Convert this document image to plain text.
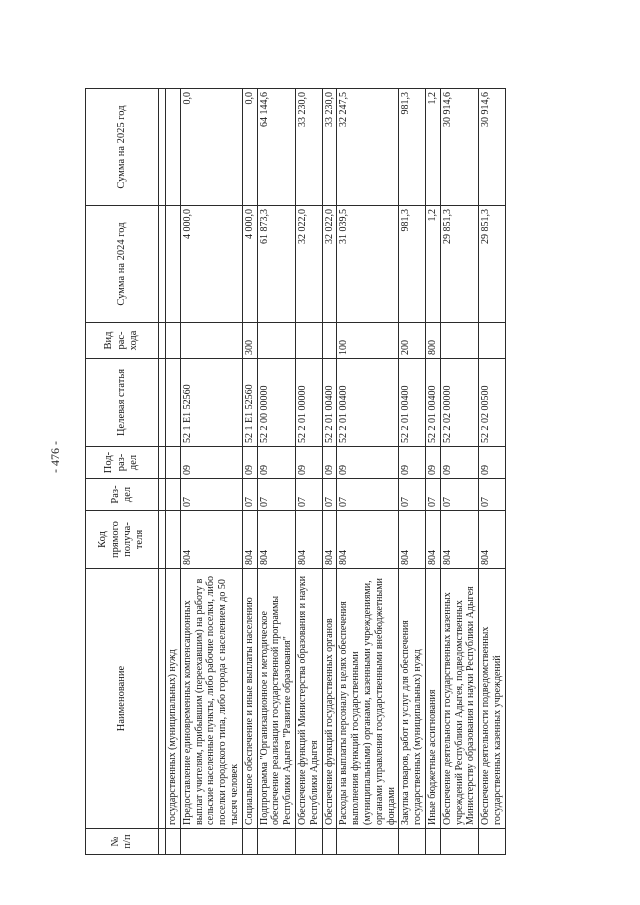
- 476 -
№ п/п	Наименование	Код прямого получа-теля	Раз-дел	Под-раз-дел	Целевая статья	Вид рас-хода	Сумма на 2024 год	Сумма на 2025 год

	государственных (муниципальных) нужд							
	Предоставление единовременных компенсационных выплат учителям, прибывшим (переехавшим) на работу в сельские населенные пункты, либо рабочие поселки, либо поселки городского типа, либо города с населением до 50 тысяч человек	804	07	09	52 1 Е1 52560		4 000,0	0,0
	Социальное обеспечение и иные выплаты населению	804	07	09	52 1 Е1 52560	300	4 000,0	0,0
	Подпрограмма "Организационное и методическое обеспечение реализации государственной программы Республики Адыгея "Развитие образования"	804	07	09	52 2 00 00000		61 873,3	64 144,6
	Обеспечение функций Министерства образования и науки Республики Адыгея	804	07	09	52 2 01 00000		32 022,0	33 230,0
	Обеспечение функций государственных органов	804	07	09	52 2 01 00400		32 022,0	33 230,0
	Расходы на выплаты персоналу в целях обеспечения выполнения функций государственными (муниципальными) органами, казенными учреждениями, органами управления государственными внебюджетными фондами	804	07	09	52 2 01 00400	100	31 039,5	32 247,5
	Закупка товаров, работ и услуг для обеспечения государственных (муниципальных) нужд	804	07	09	52 2 01 00400	200	981,3	981,3
	Иные бюджетные ассигнования	804	07	09	52 2 01 00400	800	1,2	1,2
	Обеспечение деятельности государственных казенных учреждений Республики Адыгея, подведомственных Министерству образования и науки Республики Адыгея	804	07	09	52 2 02 00000		29 851,3	30 914,6
	Обеспечение деятельности подведомственных государственных казенных учреждений	804	07	09	52 2 02 00500		29 851,3	30 914,6
